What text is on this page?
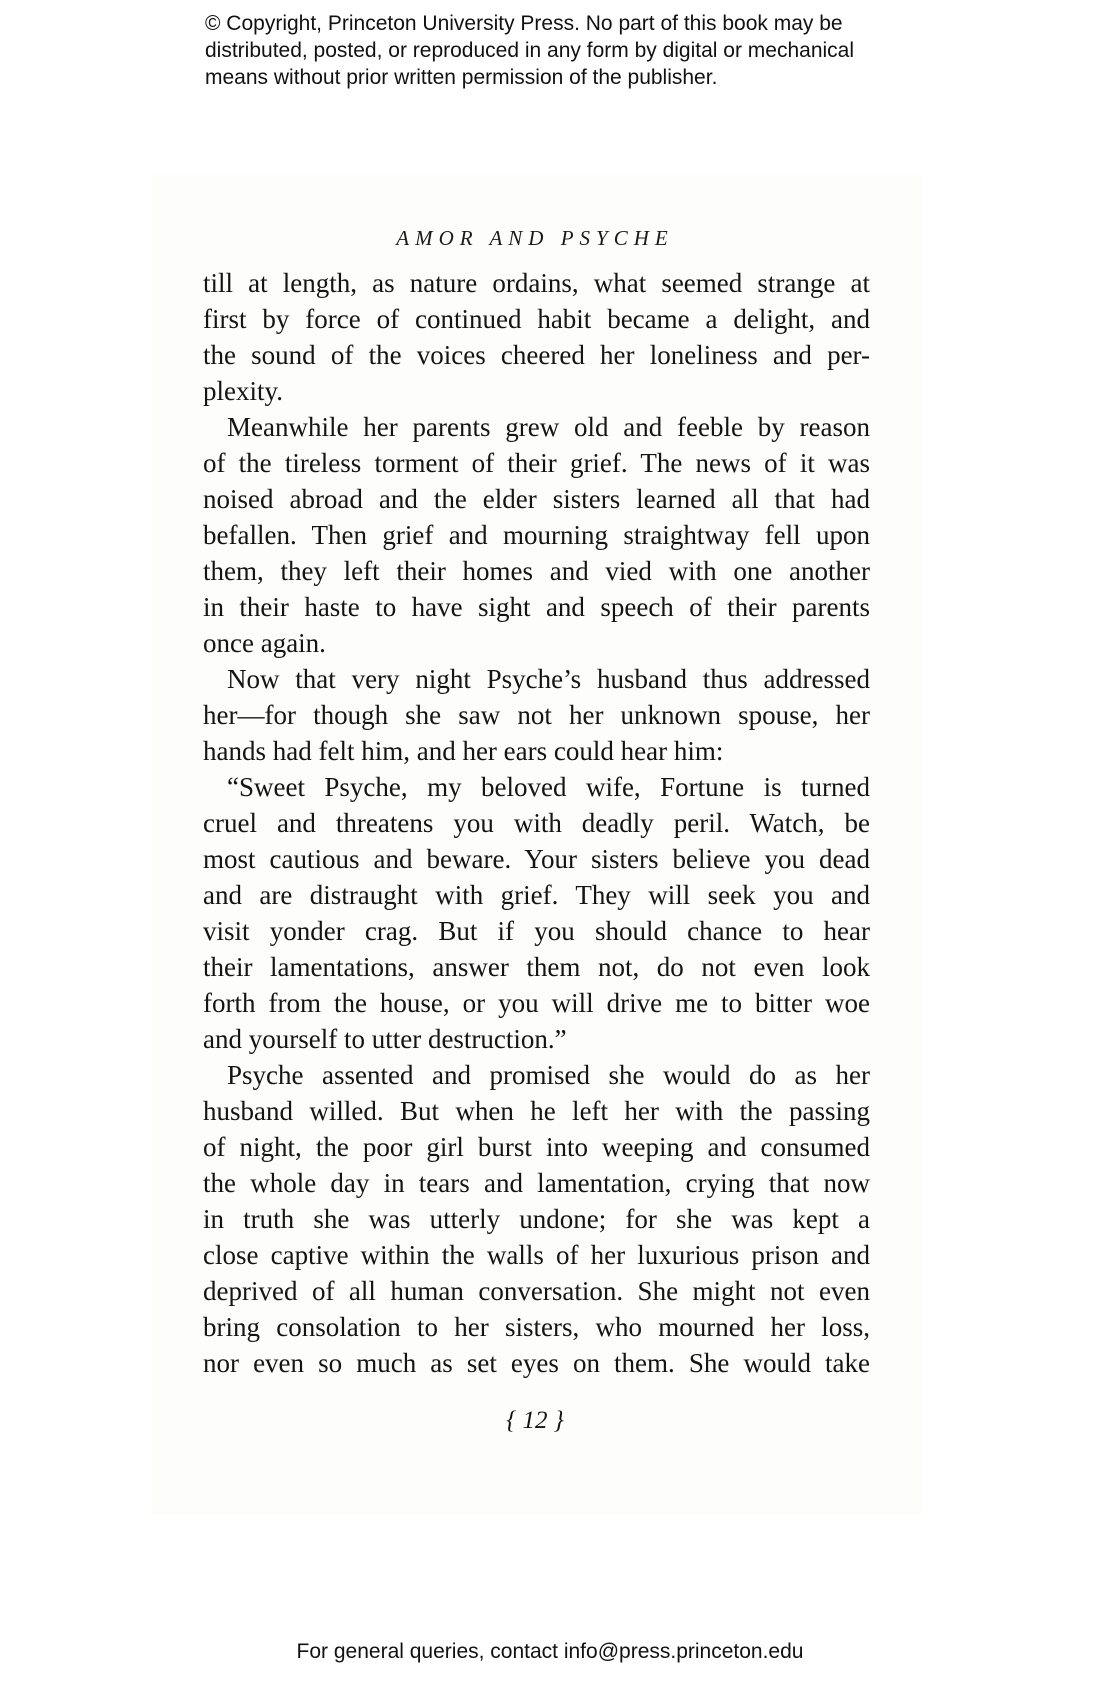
© Copyright, Princeton University Press. No part of this book may be
distributed, posted, or reproduced in any form by digital or mechanical
means without prior written permission of the publisher.
AMOR AND PSYCHE

till at length, as nature ordains, what seemed strange at
first by force of continued habit became a delight, and
the sound of the voices cheered her loneliness and per-
plexity.

Meanwhile her parents grew old and feeble by reason
of the tireless torment of their grief. The news of it was
noised abroad and the elder sisters learned all that had
befallen. Then grief and mourning straightway fell upon
them, they left their homes and vied with one another
in their haste to have sight and speech of their parents
once again.

Now that very night Psyche’s husband thus addressed
her—for though she saw not her unknown spouse, her
hands had felt him, and her ears could hear him:

“Sweet Psyche, my beloved wife, Fortune is turned
cruel and threatens you with deadly peril. Watch, be
most cautious and beware. Your sisters believe you dead
and are distraught with grief. They will seek you and
visit yonder crag. But if you should chance to hear
their lamentations, answer them not, do not even look
forth from the house, or you will drive me to bitter woe
and yourself to utter destruction.”

Psyche assented and promised she would do as her
husband willed. But when he left her with the passing
of night, the poor girl burst into weeping and consumed
the whole day in tears and lamentation, crying that now
in truth she was utterly undone; for she was kept a
close captive within the walls of her luxurious prison and
deprived of all human conversation. She might not even
bring consolation to her sisters, who mourned her loss,
nor even so much as set eyes on them. She would take

{ 12 }
For general queries, contact info@press.princeton.edu
